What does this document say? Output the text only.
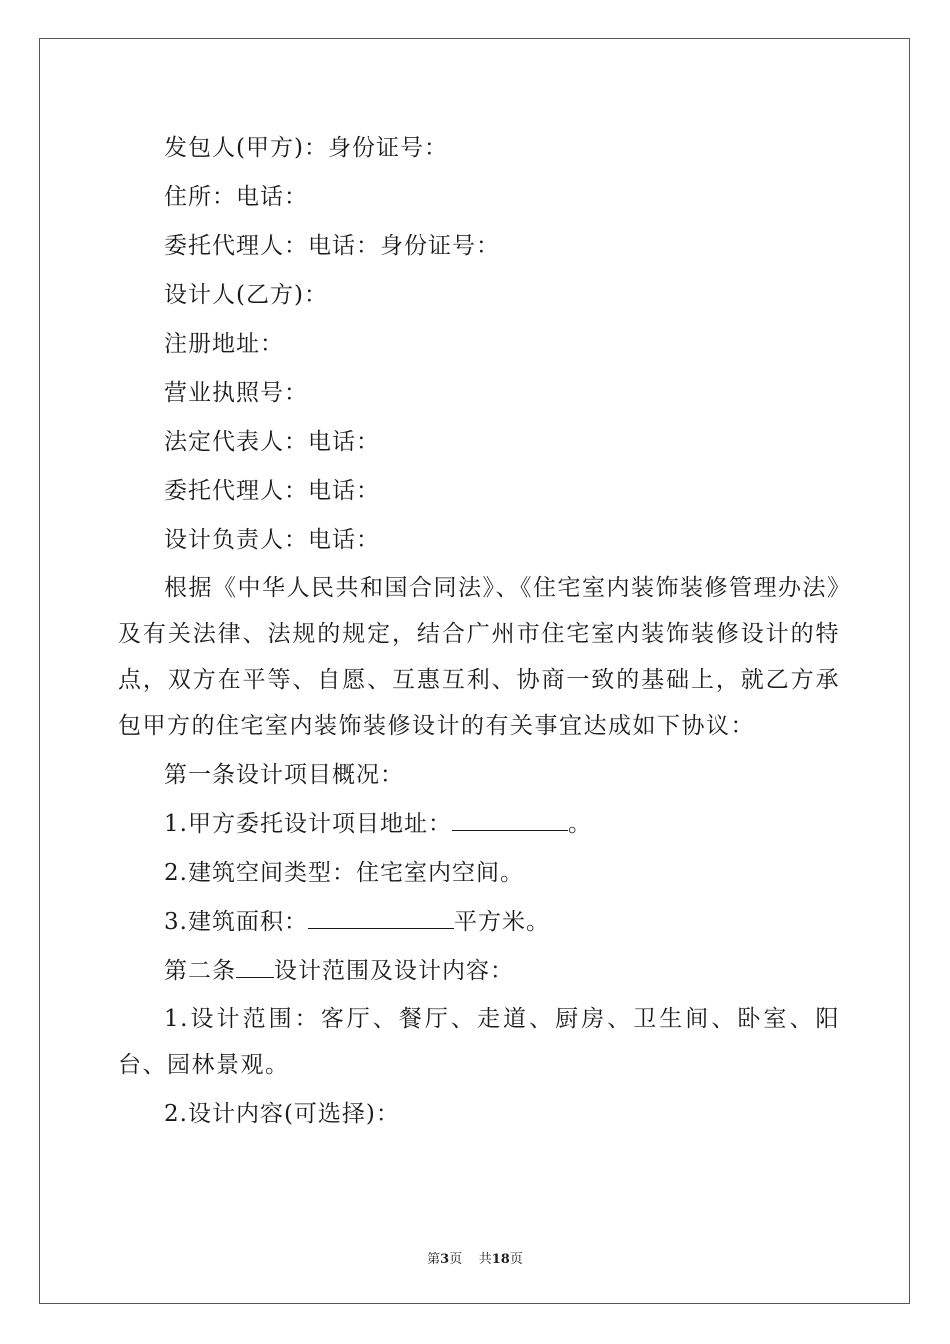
发包人(甲方)：身份证号：
住所：电话：
委托代理人：电话：身份证号：
设计人(乙方)：
注册地址：
营业执照号：
法定代表人：电话：
委托代理人：电话：
设计负责人：电话：

根据《中华人民共和国合同法》、《住宅室内装饰装修管理办法》及有关法律、法规的规定，结合广州市住宅室内装饰装修设计的特点，双方在平等、自愿、互惠互利、协商一致的基础上，就乙方承包甲方的住宅室内装饰装修设计的有关事宜达成如下协议：

第一条设计项目概况：
1.甲方委托设计项目地址：	。
2.建筑空间类型：住宅室内空间。
3.建筑面积：	平方米。
第二条 设计范围及设计内容：

1.设计范围：客厅、餐厅、走道、厨房、卫生间、卧室、阳台、园林景观。

2.设计内容(可选择)：
第3页 共18页
